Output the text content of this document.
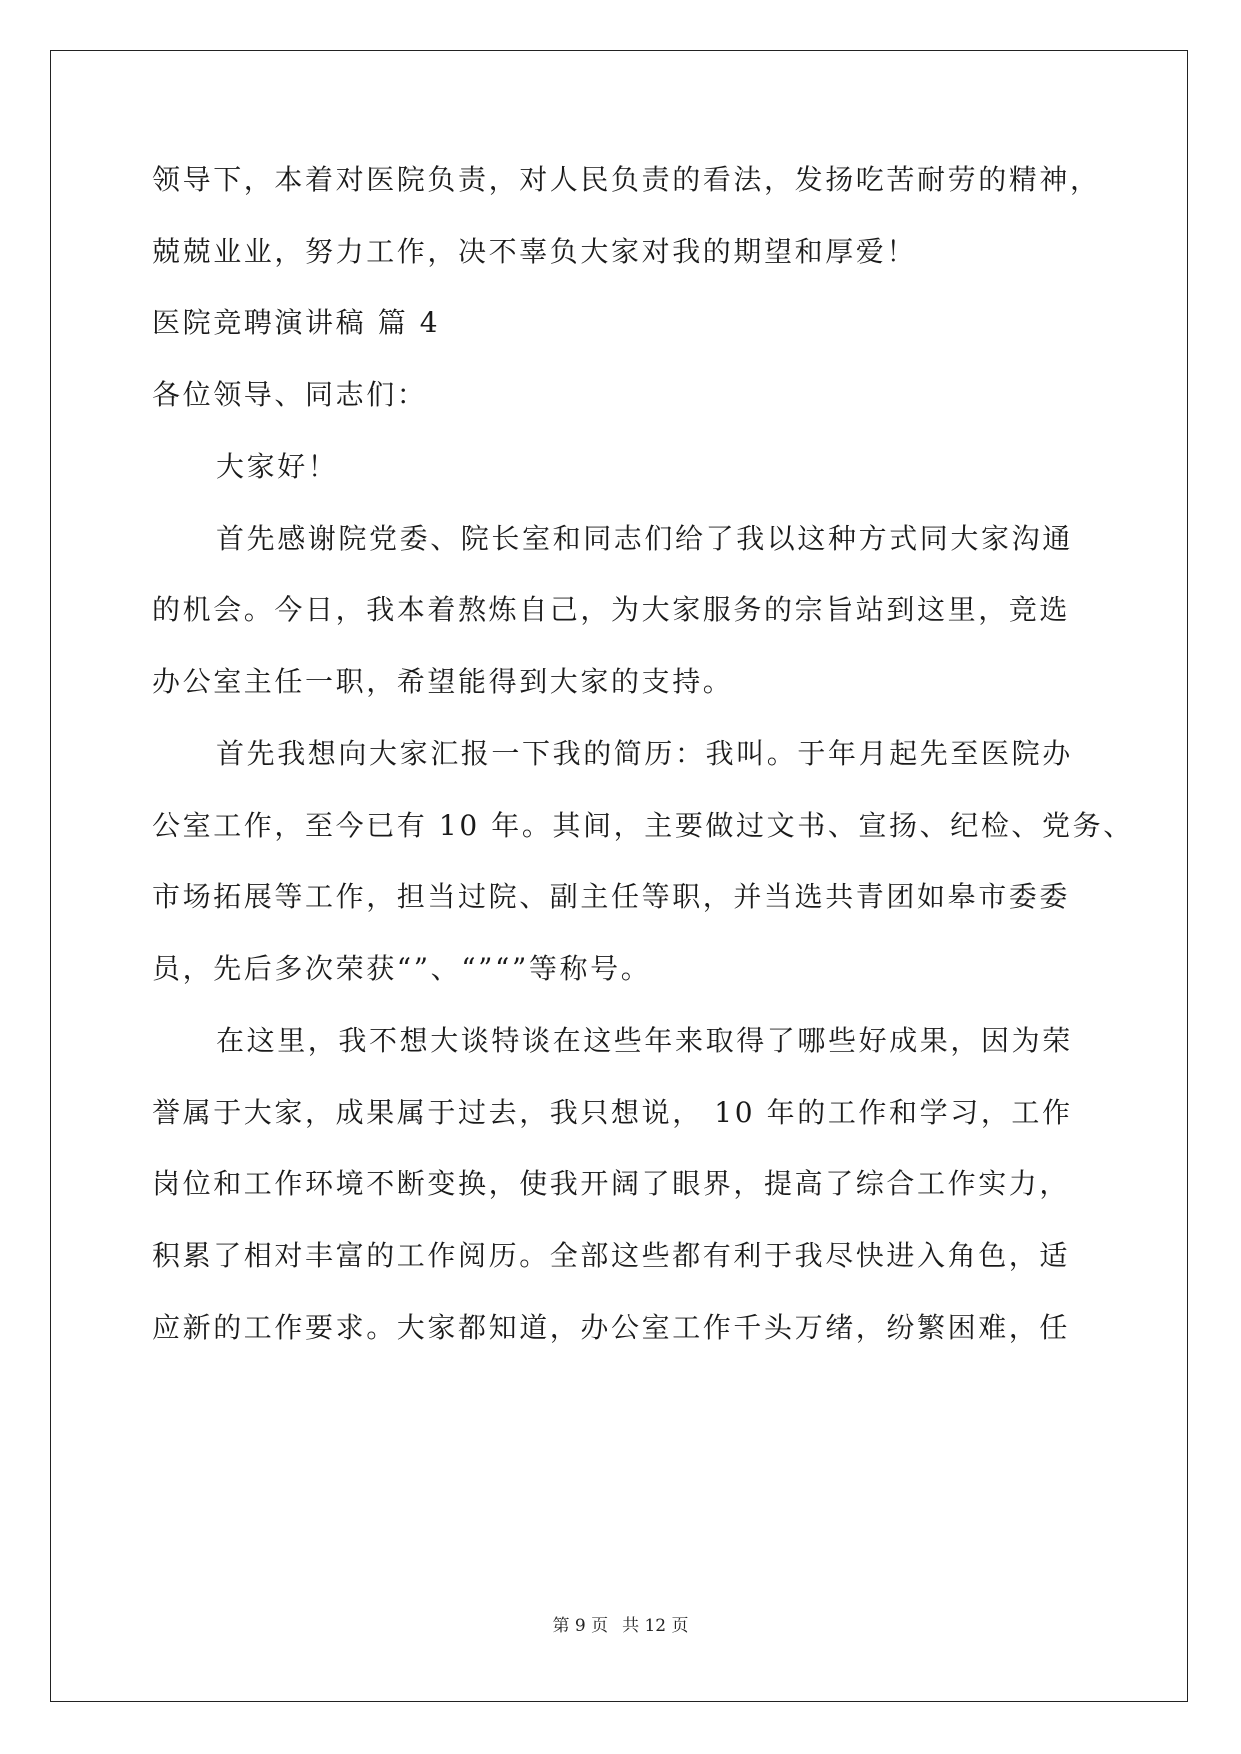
领导下，本着对医院负责，对人民负责的看法，发扬吃苦耐劳的精神，
兢兢业业，努力工作，决不辜负大家对我的期望和厚爱！
医院竞聘演讲稿 篇 4
各位领导、同志们：
大家好！
首先感谢院党委、院长室和同志们给了我以这种方式同大家沟通
的机会。今日，我本着熬炼自己，为大家服务的宗旨站到这里，竞选
办公室主任一职，希望能得到大家的支持。
首先我想向大家汇报一下我的简历：我叫。于年月起先至医院办
公室工作，至今已有 10 年。其间，主要做过文书、宣扬、纪检、党务、
市场拓展等工作，担当过院、副主任等职，并当选共青团如皋市委委
员，先后多次荣获“”、“”“”等称号。
在这里，我不想大谈特谈在这些年来取得了哪些好成果，因为荣
誉属于大家，成果属于过去，我只想说， 10 年的工作和学习，工作
岗位和工作环境不断变换，使我开阔了眼界，提高了综合工作实力，
积累了相对丰富的工作阅历。全部这些都有利于我尽快进入角色，适
应新的工作要求。大家都知道，办公室工作千头万绪，纷繁困难，任
第 9 页 共 12 页
